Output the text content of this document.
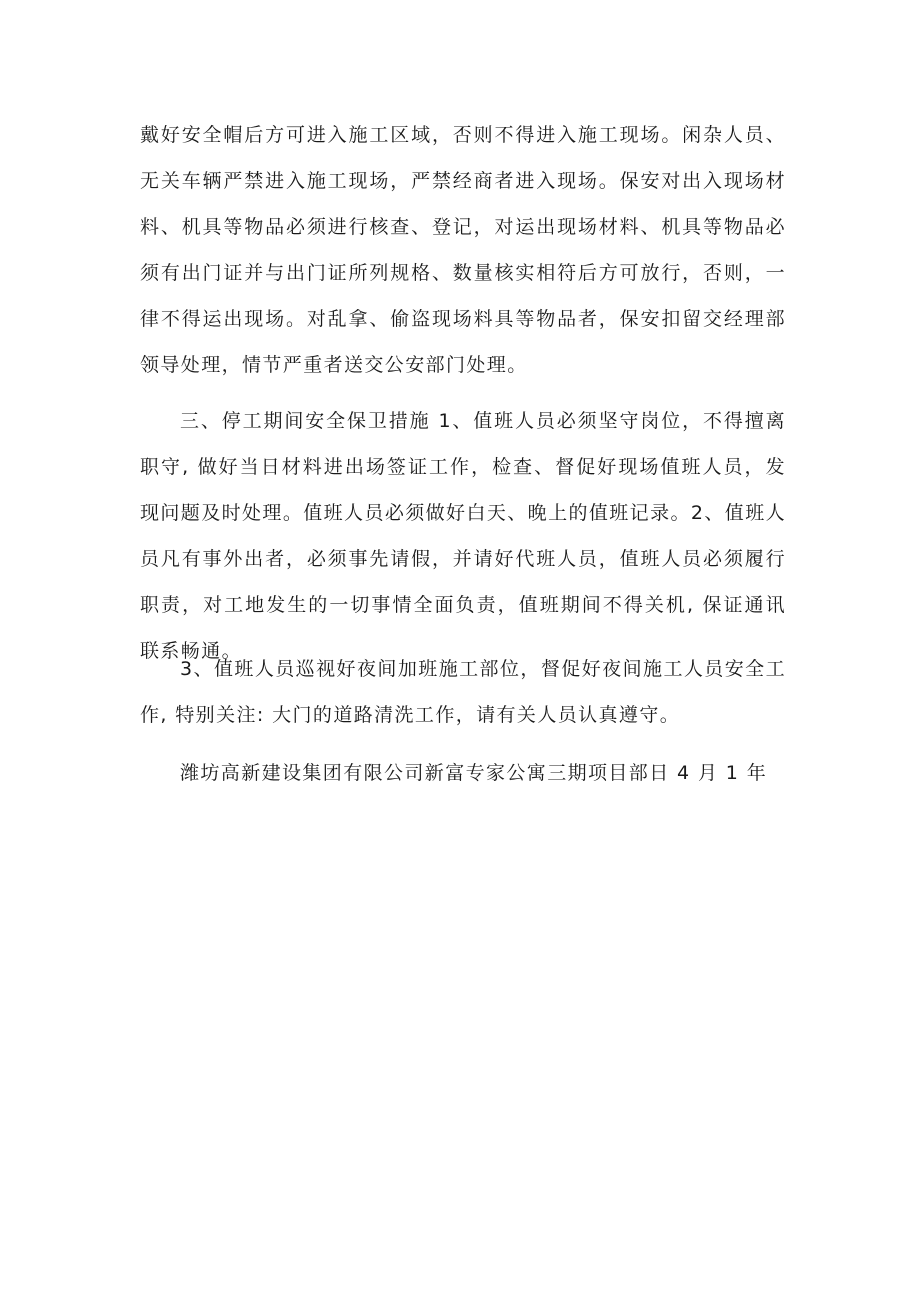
戴好安全帽后方可进入施工区域，否则不得进入施工现场。闲杂人员、无关车辆严禁进入施工现场，严禁经商者进入现场。保安对出入现场材料、机具等物品必须进行核查、登记，对运出现场材料、机具等物品必须有出门证并与出门证所列规格、数量核实相符后方可放行，否则，一律不得运出现场。对乱拿、偷盗现场料具等物品者，保安扣留交经理部领导处理，情节严重者送交公安部门处理。

三、停工期间安全保卫措施 1、值班人员必须坚守岗位，不得擅离职守, 做好当日材料进出场签证工作，检查、督促好现场值班人员，发现问题及时处理。值班人员必须做好白天、晚上的值班记录。2、值班人员凡有事外出者，必须事先请假，并请好代班人员，值班人员必须履行职责，对工地发生的一切事情全面负责，值班期间不得关机, 保证通讯联系畅通。

3、值班人员巡视好夜间加班施工部位，督促好夜间施工人员安全工作, 特别关注: 大门的道路清洗工作，请有关人员认真遵守。

潍坊高新建设集团有限公司新富专家公寓三期项目部日 4 月 1 年
